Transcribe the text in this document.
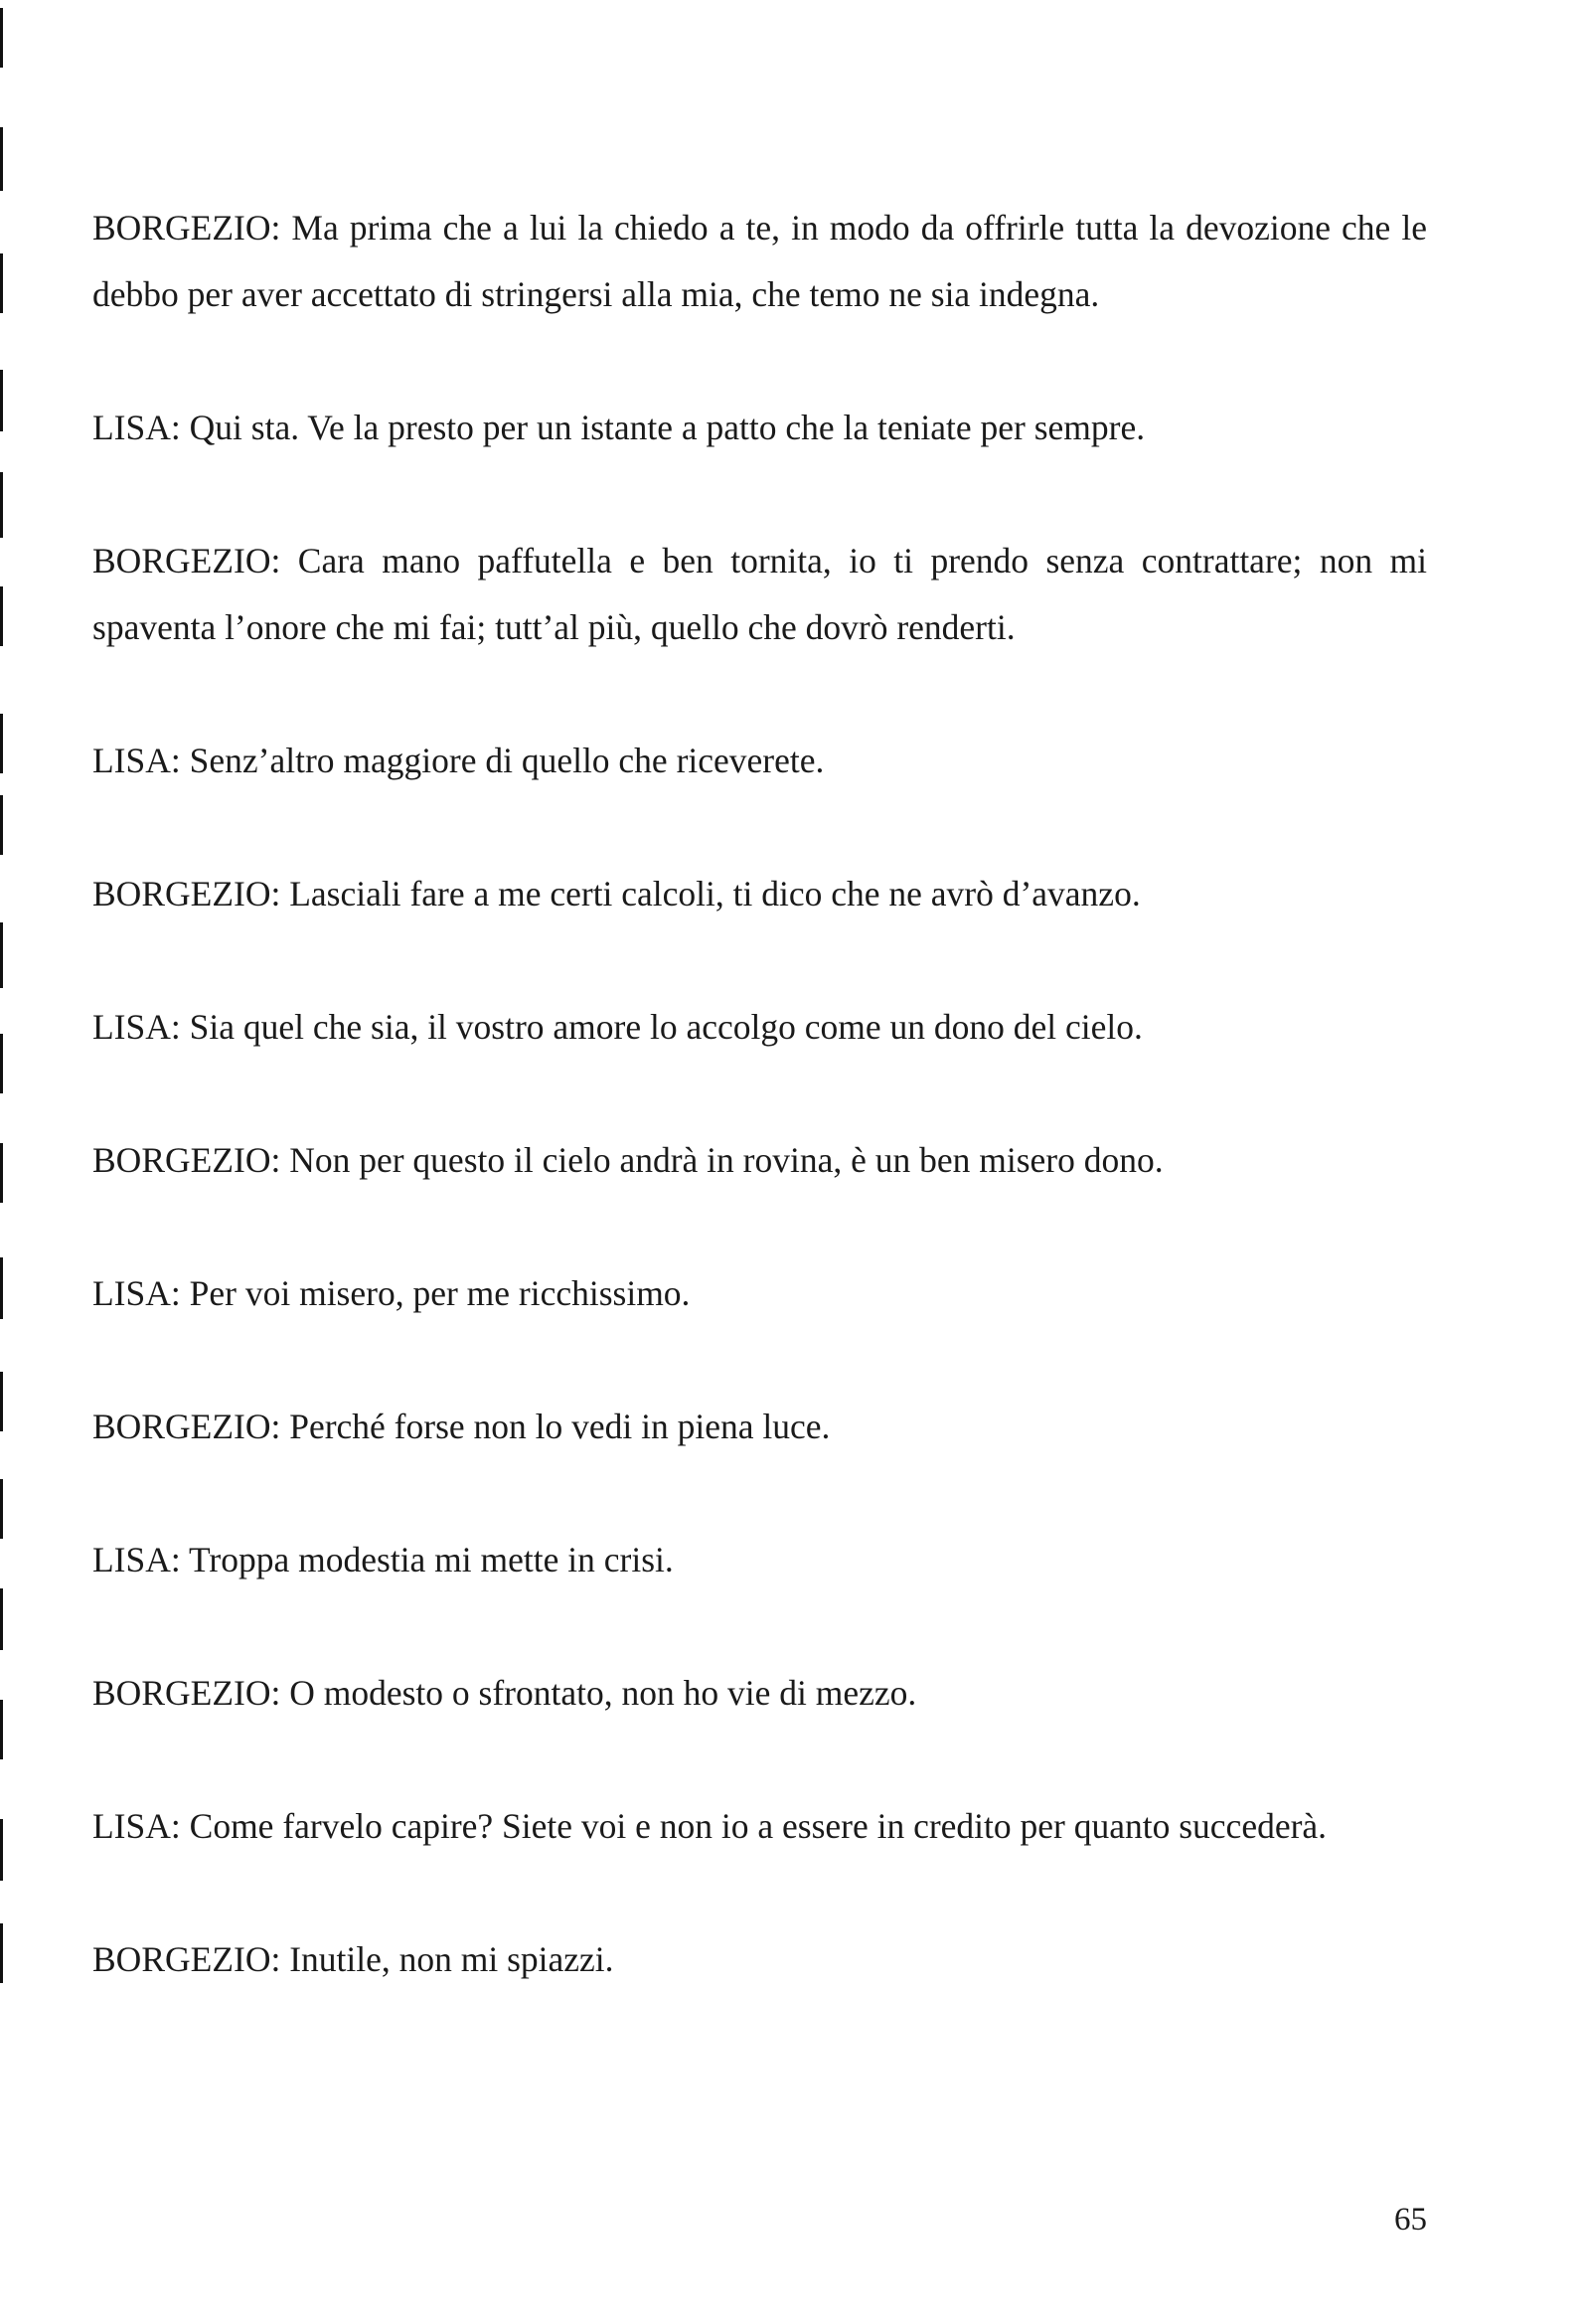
BORGEZIO: Ma prima che a lui la chiedo a te, in modo da offrirle tutta la devozione che le debbo per aver accettato di stringersi alla mia, che temo ne sia indegna.

LISA: Qui sta. Ve la presto per un istante a patto che la teniate per sempre.

BORGEZIO: Cara mano paffutella e ben tornita, io ti prendo senza contrattare; non mi spaventa l’onore che mi fai; tutt’al più, quello che dovrò renderti.

LISA: Senz’altro maggiore di quello che riceverete.

BORGEZIO: Lasciali fare a me certi calcoli, ti dico che ne avrò d’avanzo.

LISA: Sia quel che sia, il vostro amore lo accolgo come un dono del cielo.

BORGEZIO: Non per questo il cielo andrà in rovina, è un ben misero dono.

LISA: Per voi misero, per me ricchissimo.

BORGEZIO: Perché forse non lo vedi in piena luce.

LISA: Troppa modestia mi mette in crisi.

BORGEZIO: O modesto o sfrontato, non ho vie di mezzo.

LISA: Come farvelo capire? Siete voi e non io a essere in credito per quanto succederà.

BORGEZIO: Inutile, non mi spiazzi.

65
